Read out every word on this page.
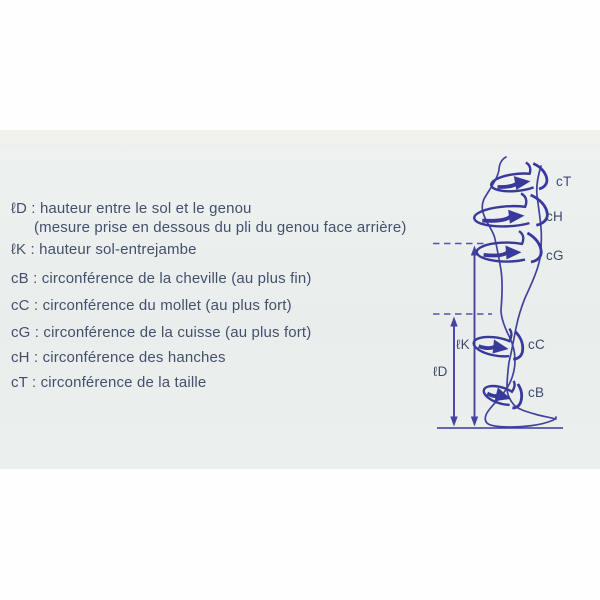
ℓD : hauteur entre le sol et le genou
(mesure prise en dessous du pli du genou face arrière)
ℓK : hauteur sol-entrejambe
cB : circonférence de la cheville (au plus fin)
cC : circonférence du mollet (au plus fort)
cG : circonférence de la cuisse (au plus fort)
cH : circonférence des hanches
cT : circonférence de la taille
cT
cH
cG
cC
cB
ℓK
ℓD
